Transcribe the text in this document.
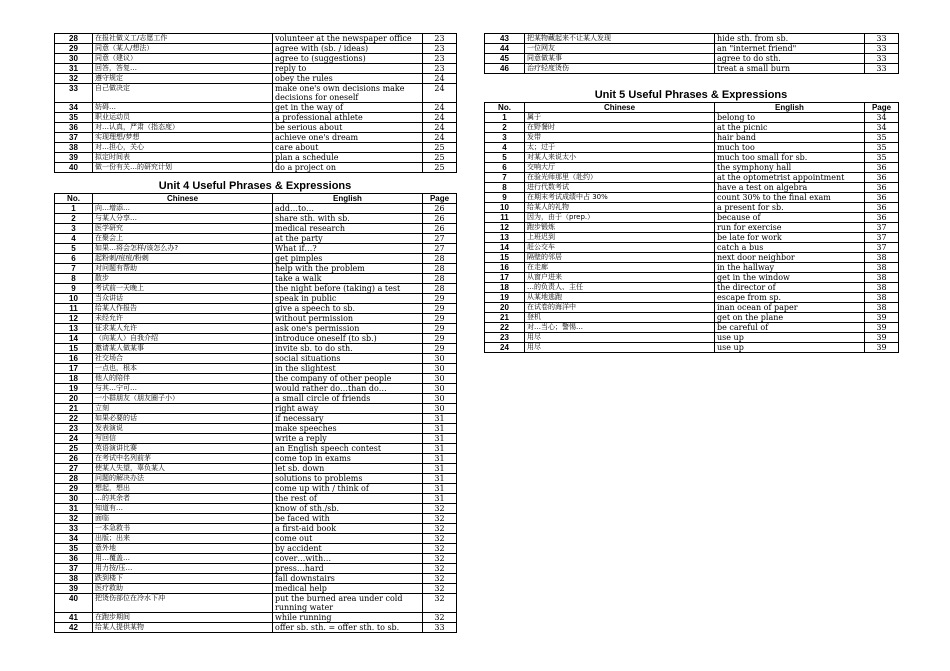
28	在报社做义工/志愿工作	volunteer at the newspaper office	23
29	同意（某人/想法）	agree with (sb. / ideas)	23
30	同意（建议）	agree to (suggestions)	23
31	回答，答复…	reply to	23
32	遵守规定	obey the rules	24
33	自己做决定	make one's own decisions make decisions for oneself	24
34	妨碍…	get in the way of	24
35	职业运动员	a professional athlete	24
36	对…认真，严肃（指态度）	be serious about	24
37	实现理想/梦想	achieve one's dream	24
38	对…担心，关心	care about	25
39	拟定时间表	plan a schedule	25
40	做一份有关…的研究计划	do a project on	25
Unit 4 Useful Phrases & Expressions
No.	Chinese	English	Page
1	向…增添…	add…to…	26
2	与某人分享…	share sth. with sb.	26
3	医学研究	medical research	26
4	在聚会上	at the party	27
5	如果…将会怎样/该怎么办?	What if…?	27
6	起粉刺/痘痘/粉刺	get pimples	28
7	对问题有帮助	help with the problem	28
8	散步	take a walk	28
9	考试前一天晚上	the night before (taking) a test	28
10	当众讲话	speak in public	29
11	给某人作报告	give a speech to sb.	29
12	未经允许	without permission	29
13	征求某人允许	ask one's permission	29
14	（向某人）自我介绍	introduce oneself (to sb.)	29
15	邀请某人做某事	invite sb. to do sth.	29
16	社交场合	social situations	30
17	一点也，根本	in the slightest	30
18	他人的陪伴	the company of other people	30
19	与其…宁可…	would rather do…than do…	30
20	一小群朋友（朋友圈子小）	a small circle of friends	30
21	立刻	right away	30
22	如果必要的话	if necessary	31
23	发表演说	make speeches	31
24	写回信	write a reply	31
25	英语演讲比赛	an English speech contest	31
26	在考试中名列前茅	come top in exams	31
27	使某人失望，辜负某人	let sb. down	31
28	问题的解决办法	solutions to problems	31
29	想起，想出	come up with / think of	31
30	…的其余者	the rest of	31
31	知道有…	know of sth./sb.	32
32	面临	be faced with	32
33	一本急救书	a first-aid book	32
34	出版；出来	come out	32
35	意外地	by accident	32
36	用…覆盖…	cover…with…	32
37	用力按/压…	press…hard	32
38	跌到楼下	fall downstairs	32
39	医疗救助	medical help	32
40	把烫伤部位在冷水下冲	put the burned area under cold running water	32
41	在跑步期间	while running	32
42	给某人提供某物	offer sb. sth. = offer sth. to sb.	33
43	把某物藏起来不让某人发现	hide sth. from sb.	33
44	一位网友	an "internet friend"	33
45	同意做某事	agree to do sth.	33
46	治疗轻度烫伤	treat a small burn	33
Unit 5 Useful Phrases & Expressions
No.	Chinese	English	Page
1	属于	belong to	34
2	在野餐时	at the picnic	34
3	发带	hair band	35
4	太；过于	much too	35
5	对某人来说太小	much too small for sb.	35
6	交响大厅	the symphony hall	36
7	在验光师那里（赴约）	at the optometrist appointment	36
8	进行代数考试	have a test on algebra	36
9	在期末考试成绩中占 30%	count 30% to the final exam	36
10	给某人的礼物	a present for sb.	36
11	因为，由于（prep.）	because of	36
12	跑步锻炼	run for exercise	37
13	上班迟到	be late for work	37
14	赶公交车	catch a bus	37
15	隔壁的邻居	next door neighbor	38
16	在走廊	in the hallway	38
17	从窗户进来	get in the window	38
18	…的负责人、主任	the director of	38
19	从某地逃跑	escape from sp.	38
20	在试卷的海洋中	inan ocean of paper	38
21	登机	get on the plane	39
22	对…当心；警惕…	be careful of	39
23	用尽	use up	39
24	用尽	use up	39
